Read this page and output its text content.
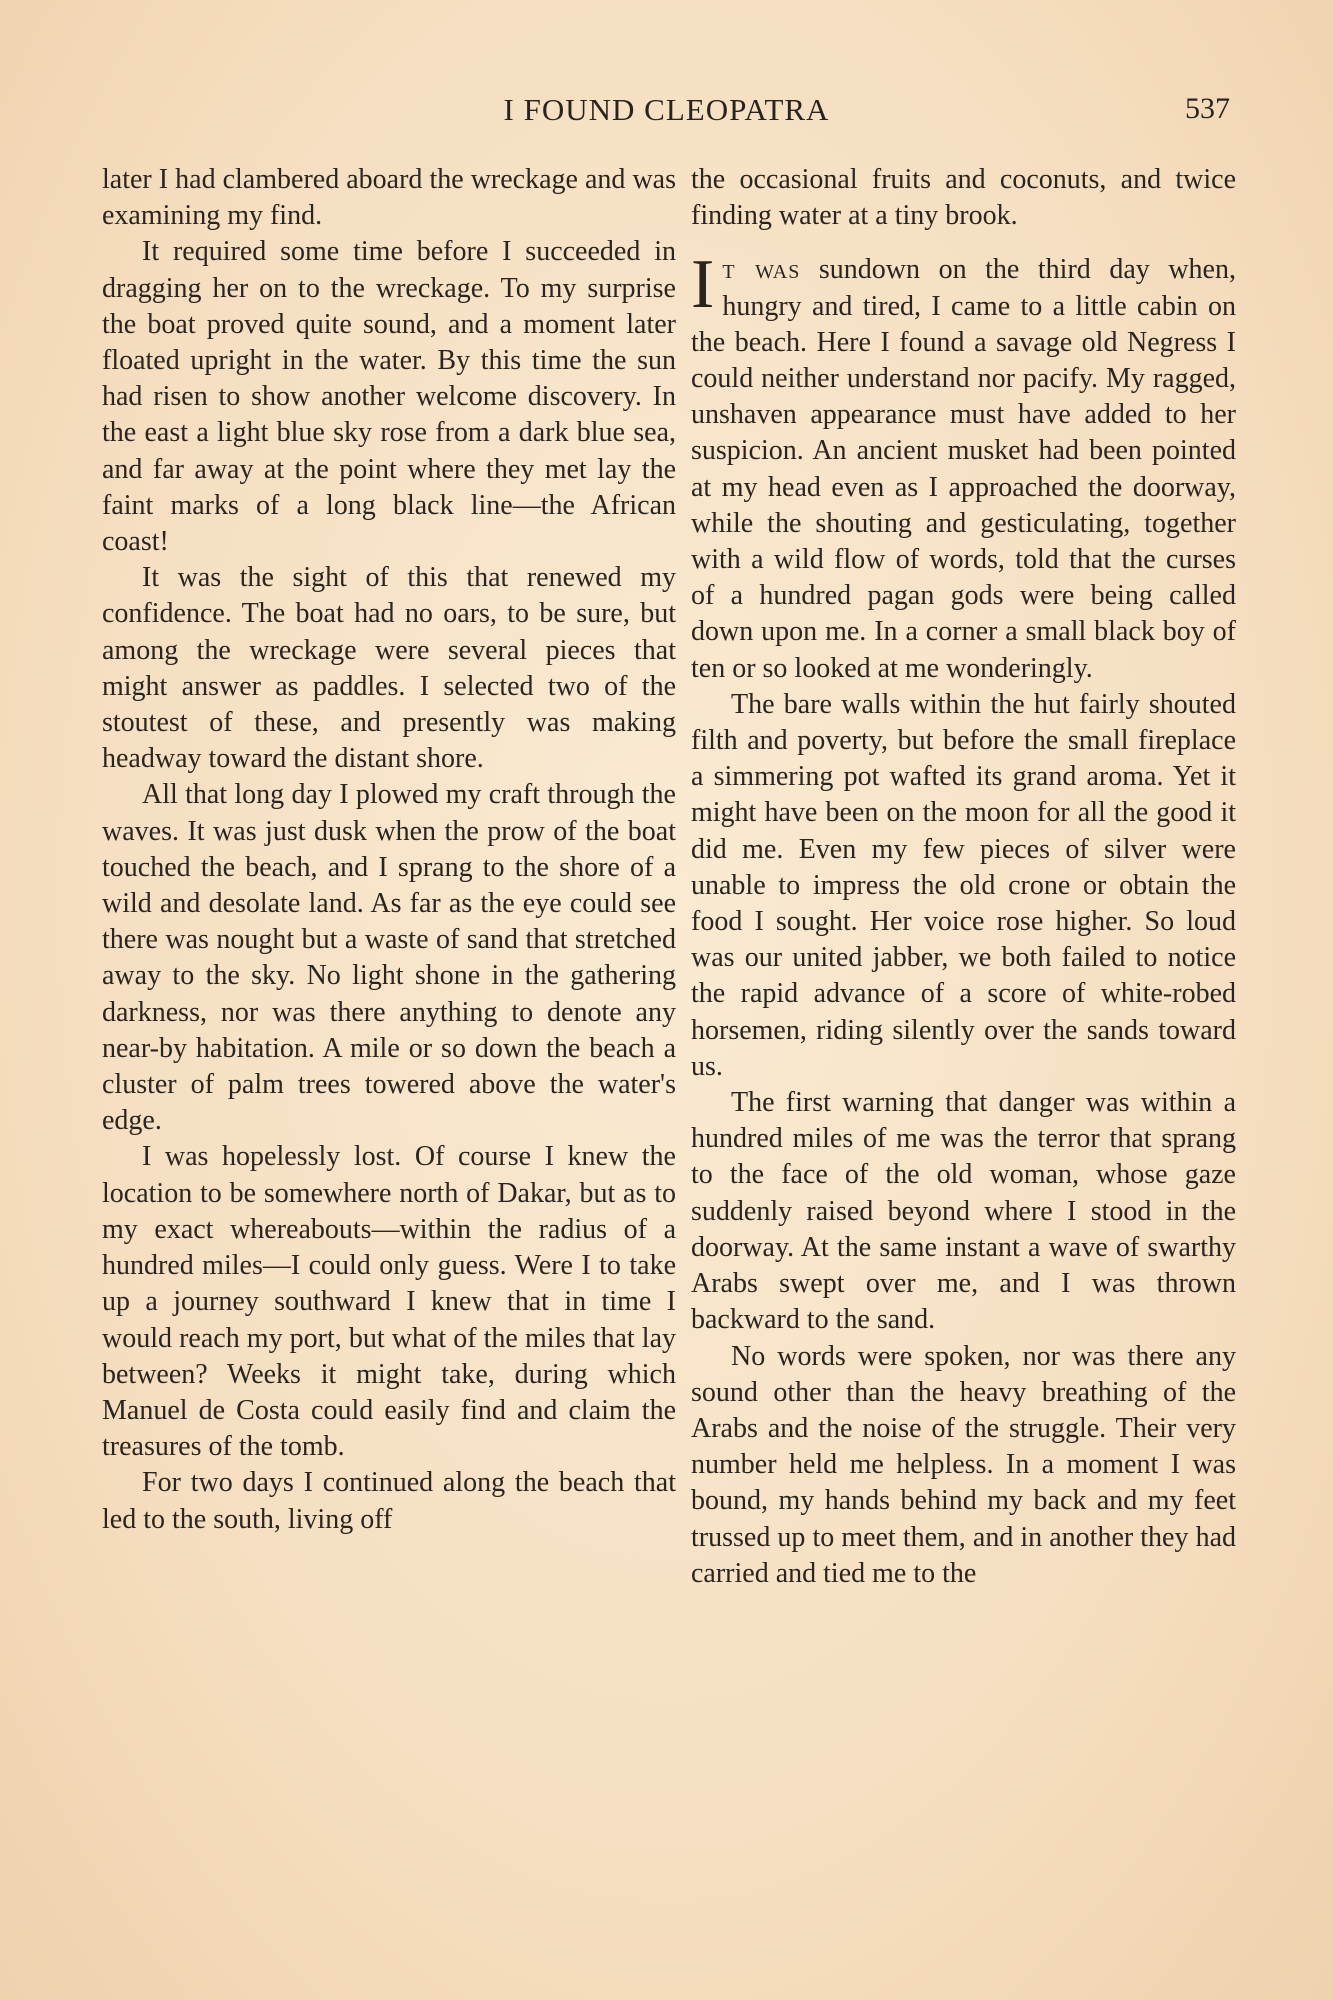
I FOUND CLEOPATRA	537

later I had clambered aboard the wreckage and was examining my find.

It required some time before I succeeded in dragging her on to the wreckage. To my surprise the boat proved quite sound, and a moment later floated upright in the water. By this time the sun had risen to show another welcome discovery. In the east a light blue sky rose from a dark blue sea, and far away at the point where they met lay the faint marks of a long black line—the African coast!

It was the sight of this that renewed my confidence. The boat had no oars, to be sure, but among the wreckage were several pieces that might answer as paddles. I selected two of the stoutest of these, and presently was making headway toward the distant shore.

All that long day I plowed my craft through the waves. It was just dusk when the prow of the boat touched the beach, and I sprang to the shore of a wild and desolate land. As far as the eye could see there was nought but a waste of sand that stretched away to the sky. No light shone in the gathering darkness, nor was there anything to denote any near-by habitation. A mile or so down the beach a cluster of palm trees towered above the water's edge.

I was hopelessly lost. Of course I knew the location to be somewhere north of Dakar, but as to my exact whereabouts—within the radius of a hundred miles—I could only guess. Were I to take up a journey southward I knew that in time I would reach my port, but what of the miles that lay between? Weeks it might take, during which Manuel de Costa could easily find and claim the treasures of the tomb.

For two days I continued along the beach that led to the south, living off

the occasional fruits and coconuts, and twice finding water at a tiny brook.

It was sundown on the third day when, hungry and tired, I came to a little cabin on the beach. Here I found a savage old Negress I could neither understand nor pacify. My ragged, unshaven appearance must have added to her suspicion. An ancient musket had been pointed at my head even as I approached the doorway, while the shouting and gesticulating, together with a wild flow of words, told that the curses of a hundred pagan gods were being called down upon me. In a corner a small black boy of ten or so looked at me wonderingly.

The bare walls within the hut fairly shouted filth and poverty, but before the small fireplace a simmering pot wafted its grand aroma. Yet it might have been on the moon for all the good it did me. Even my few pieces of silver were unable to impress the old crone or obtain the food I sought. Her voice rose higher. So loud was our united jabber, we both failed to notice the rapid advance of a score of white-robed horsemen, riding silently over the sands toward us.

The first warning that danger was within a hundred miles of me was the terror that sprang to the face of the old woman, whose gaze suddenly raised beyond where I stood in the doorway. At the same instant a wave of swarthy Arabs swept over me, and I was thrown backward to the sand.

No words were spoken, nor was there any sound other than the heavy breathing of the Arabs and the noise of the struggle. Their very number held me helpless. In a moment I was bound, my hands behind my back and my feet trussed up to meet them, and in another they had carried and tied me to the
